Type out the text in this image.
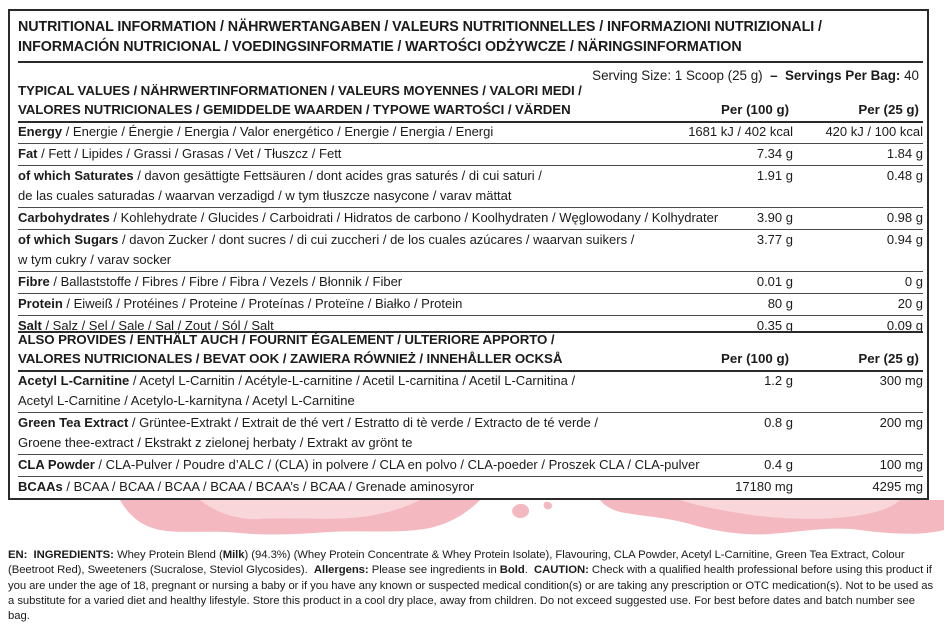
NUTRITIONAL INFORMATION / NÄHRWERTANGABEN / VALEURS NUTRITIONNELLES / INFORMAZIONI NUTRIZIONALI /
INFORMACIÓN NUTRICIONAL / VOEDINGSINFORMATIE / WARTOŚCI ODŻYWCZE / NÄRINGSINFORMATION
Serving Size: 1 Scoop (25 g) – Servings Per Bag: 40
TYPICAL VALUES / NÄHRWERTINFORMATIONEN / VALEURS MOYENNES / VALORI MEDI /
VALORES NUTRICIONALES / GEMIDDELDE WAARDEN / TYPOWE WARTOŚCI / VÄRDEN	Per (100 g)	Per (25 g)
Energy / Energie / Énergie / Energia / Valor energético / Energie / Energia / Energi	1681 kJ / 402 kcal 420 kJ / 100 kcal
Fat / Fett / Lipides / Grassi / Grasas / Vet / Tłuszcz / Fett	7.34 g	1.84 g
of which Saturates / davon gesättigte Fettsäuren / dont acides gras saturés / di cui saturi /
de las cuales saturadas / waarvan verzadigd / w tym tłuszcze nasycone / varav mättat
1.91 g	0.48 g
Carbohydrates / Kohlehydrate / Glucides / Carboidrati / Hidratos de carbono / Koolhydraten / Węglowodany / Kolhydrater	3.90 g	0.98 g
of which Sugars / davon Zucker / dont sucres / di cui zuccheri / de los cuales azúcares / waarvan suikers /
w tym cukry / varav socker
3.77 g	0.94 g
Fibre / Ballaststoffe / Fibres / Fibre / Fibra / Vezels / Błonnik / Fiber	0.01 g	0 g
Protein / Eiweiß / Protéines / Proteine / Proteínas / Proteïne / Białko / Protein	80 g	20 g
Salt / Salz / Sel / Sale / Sal / Zout / Sól / Salt	0.35 g	0.09 g
ALSO PROVIDES / ENTHÄLT AUCH / FOURNIT ÉGALEMENT / ULTERIORE APPORTO /
VALORES NUTRICIONALES / BEVAT OOK / ZAWIERA RÓWNIEŻ / INNEHÅLLER OCKSÅ	Per (100 g)	Per (25 g)
Acetyl L-Carnitine / Acetyl L-Carnitin / Acétyle-L-carnitine / Acetil L-carnitina / Acetil L-Carnitina /
Acetyl L-Carnitine / Acetylo-L-karnityna / Acetyl L-Carnitine
1.2 g	300 mg
Green Tea Extract / Grüntee-Extrakt / Extrait de thé vert / Estratto di tè verde / Extracto de té verde /
Groene thee-extract / Ekstrakt z zielonej herbaty / Extrakt av grönt te
0.8 g	200 mg
CLA Powder / CLA-Pulver / Poudre d’ALC / (CLA) in polvere / CLA en polvo / CLA-poeder / Proszek CLA / CLA-pulver	0.4 g	100 mg
BCAAs / BCAA / BCAA / BCAA / BCAA / BCAA’s / BCAA / Grenade aminosyror	17180 mg	4295 mg
EN: INGREDIENTS: Whey Protein Blend (Milk) (94.3%) (Whey Protein Concentrate & Whey Protein Isolate), Flavouring, CLA Powder, Acetyl L-Carnitine, Green Tea Extract, Colour (Beetroot Red), Sweeteners (Sucralose, Steviol Glycosides). Allergens: Please see ingredients in Bold. CAUTION: Check with a qualified health professional before using this product if you are under the age of 18, pregnant or nursing a baby or if you have any known or suspected medical condition(s) or are taking any prescription or OTC medication(s). Not to be used as a substitute for a varied diet and healthy lifestyle. Store this product in a cool dry place, away from children. Do not exceed suggested use. For best before dates and batch number see bag.
